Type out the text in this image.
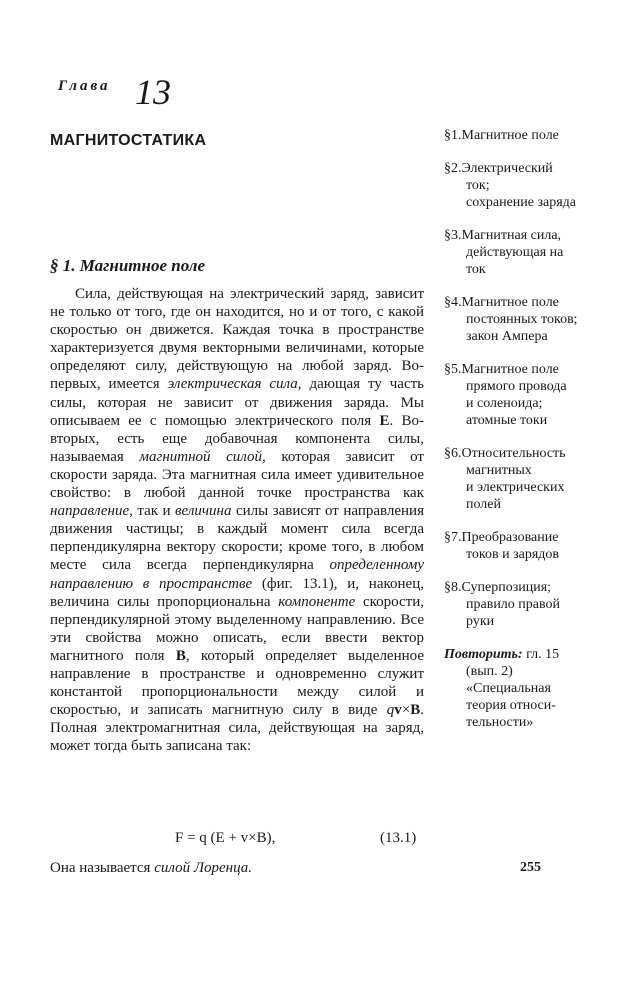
Глава 13
МАГНИТОСТАТИКА
§ 1. Магнитное поле

Сила, действующая на электрический заряд, зависит не только от того, где он находится, но и от того, с какой скоростью он движется. Каждая точка в пространстве характеризуется двумя векторными величинами, которые определяют силу, действующую на любой заряд. Во-первых, имеется электрическая сила, дающая ту часть силы, которая не зависит от движения заряда. Мы описываем ее с помощью электрического поля E. Во-вторых, есть еще добавочная компонента силы, называемая магнитной силой, которая зависит от скорости заряда. Эта магнитная сила имеет удивительное свойство: в любой данной точке пространства как направление, так и величина силы зависят от направления движения частицы; в каждый момент сила всегда перпендикулярна вектору скорости; кроме того, в любом месте сила всегда перпендикулярна определенному направлению в пространстве (фиг. 13.1), и, наконец, величина силы пропорциональна компоненте скорости, перпендикулярной этому выделенному направлению. Все эти свойства можно описать, если ввести вектор магнитного поля B, который определяет выделенное направление в пространстве и одновременно служит константой пропорциональности между силой и скоростью, и записать магнитную силу в виде qv×B. Полная электромагнитная сила, действующая на заряд, может тогда быть записана так:

F = q (E + v×B),	(13.1)
Она называется силой Лоренца.
§1.Магнитное поле
§2.Электрический
ток;
сохранение заряда
§3.Магнитная сила,
действующая на
ток
§4.Магнитное поле
постоянных токов;
закон Ампера
§5.Магнитное поле
прямого провода
и соленоида;
атомные токи
§6.Относительность
магнитных
и электрических
полей
§7.Преобразование
токов и зарядов
§8.Суперпозиция;
правило правой
руки
Повторить: гл. 15
(вып. 2)
«Специальная
теория относи-
тельности»
255
